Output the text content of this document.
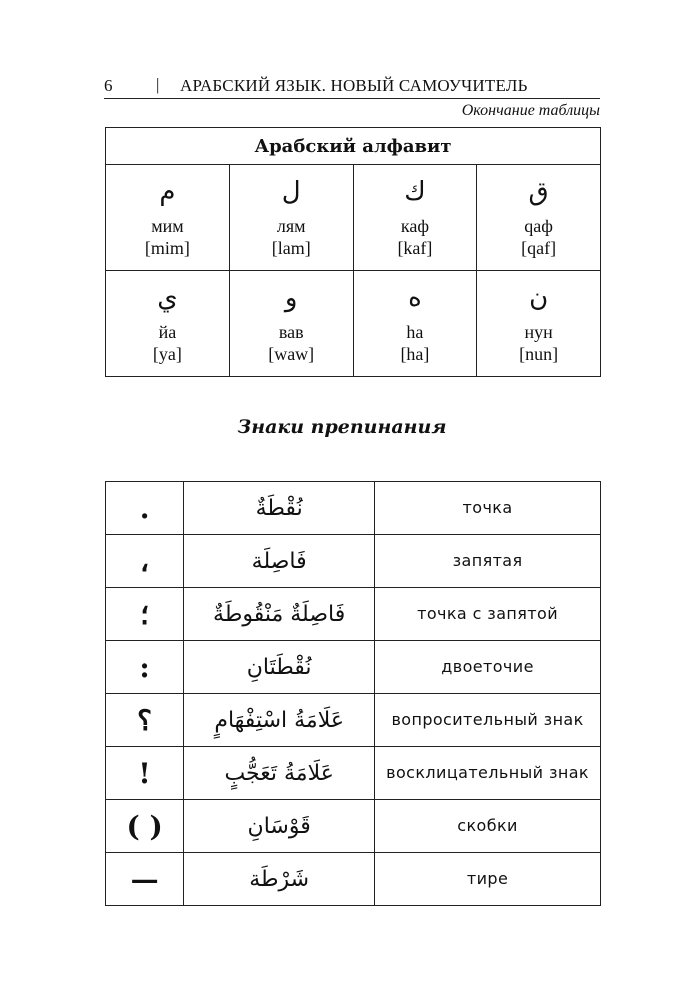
6	| АРАБСКИЙ ЯЗЫК. НОВЫЙ САМОУЧИТЕЛЬ
Окончание таблицы
Арабский алфавит			

م
мим
[mim]	ل
лям
[lam]	ك
каф
[kaf]	ق
qaф
[qaf]

ي
йа
[ya]	و
вав
[waw]	ه
ha
[ha]	ن
нун
[nun]
Знаки препинания
.	نُقْطَةٌ	точка
،	فَاصِلَة	запятая
؛	فَاصِلَةٌ مَنْقُوطَةٌ	точка с запятой
:	نُقْطَتَانِ	двоеточие
؟	عَلَامَةُ اسْتِفْهَامٍ	вопросительный знак
!	عَلَامَةُ تَعَجُّبٍ	восклицательный знак
( )	قَوْسَانِ	скобки
—	شَرْطَة	тире
